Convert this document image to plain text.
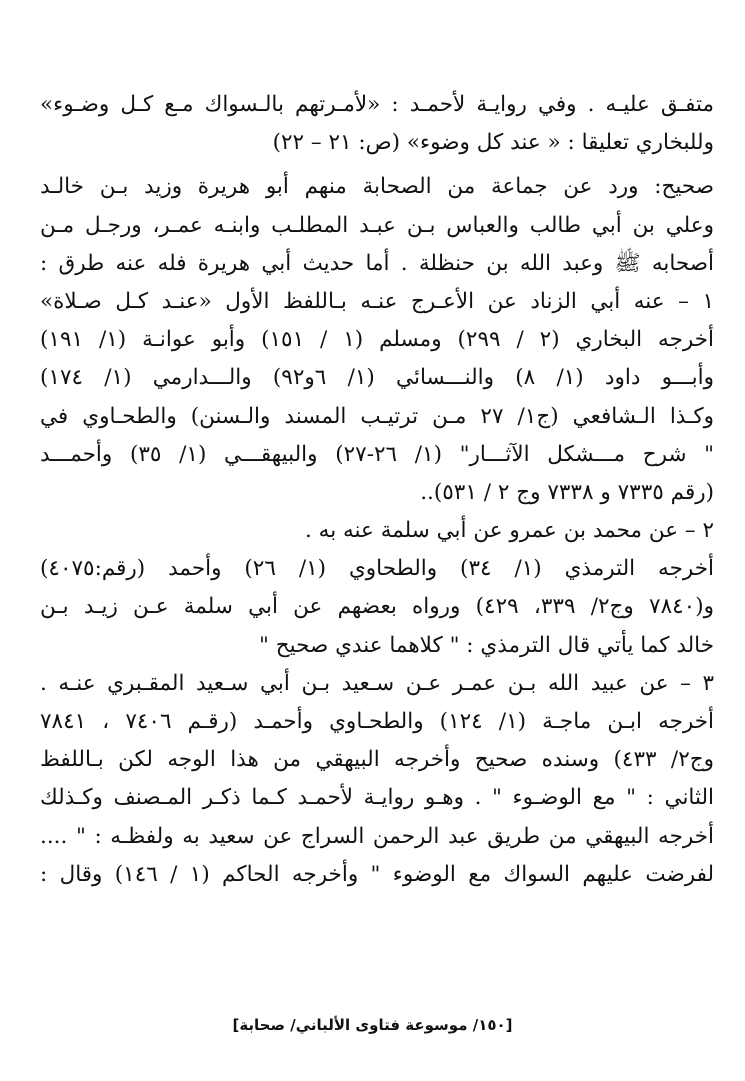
متفـق عليـه . وفي روايـة لأحمـد : «لأمـرتهم بالـسواك مـع كـل وضـوء»
وللبخاري تعليقا : « عند كل وضوء» (ص: ٢١ – ٢٢)
صحيح: ورد عن جماعة من الصحابة منهم أبو هريرة وزيد بـن خالـد
وعلي بن أبي طالب والعباس بـن عبـد المطلـب وابنـه عمـر، ورجـل مـن
أصحابه ﷺ وعبد الله بن حنظلة . أما حديث أبي هريرة فله عنه طرق :
١ – عنه أبي الزناد عن الأعـرج عنـه بـاللفظ الأول «عنـد كـل صـلاة»
أخرجه البخاري (٢ / ٢٩٩) ومسلم (١ / ١٥١) وأبو عوانـة (١/ ١٩١)
وأبـــو داود (١/ ٨) والنـــسائي (١/ ٦و٩٢) والـــدارمي (١/ ١٧٤)
وكـذا الـشافعي (ج١/ ٢٧ مـن ترتيـب المسند والـسنن) والطحـاوي في
" شرح مـــشكل الآثـــار" (١/ ٢٦-٢٧) والبيهقـــي (١/ ٣٥) وأحمـــد
(رقم ٧٣٣٥ و ٧٣٣٨ وج ٢ / ٥٣١)..
٢ – عن محمد بن عمرو عن أبي سلمة عنه به .
أخرجه الترمذي (١/ ٣٤) والطحاوي (١/ ٢٦) وأحمد (رقم:٤٠٧٥)
و(٧٨٤٠ وج٢/ ٣٣٩، ٤٢٩) ورواه بعضهم عن أبي سلمة عـن زيـد بـن
خالد كما يأتي قال الترمذي : " كلاهما عندي صحيح "
٣ – عن عبيد الله بـن عمـر عـن سـعيد بـن أبي سـعيد المقـبري عنـه .
أخرجه ابـن ماجـة (١/ ١٢٤) والطحـاوي وأحمـد (رقـم ٧٤٠٦ ، ٧٨٤١
وج٢/ ٤٣٣) وسنده صحيح وأخرجه البيهقي من هذا الوجه لكن بـاللفظ
الثاني : " مع الوضـوء " . وهـو روايـة لأحمـد كـما ذكـر المـصنف وكـذلك
أخرجه البيهقي من طريق عبد الرحمن السراج عن سعيد به ولفظـه : " ....
لفرضت عليهم السواك مع الوضوء " وأخرجه الحاكم (١ / ١٤٦) وقال :
[١٥٠/ موسوعة فتاوى الألباني/ صحابة]
